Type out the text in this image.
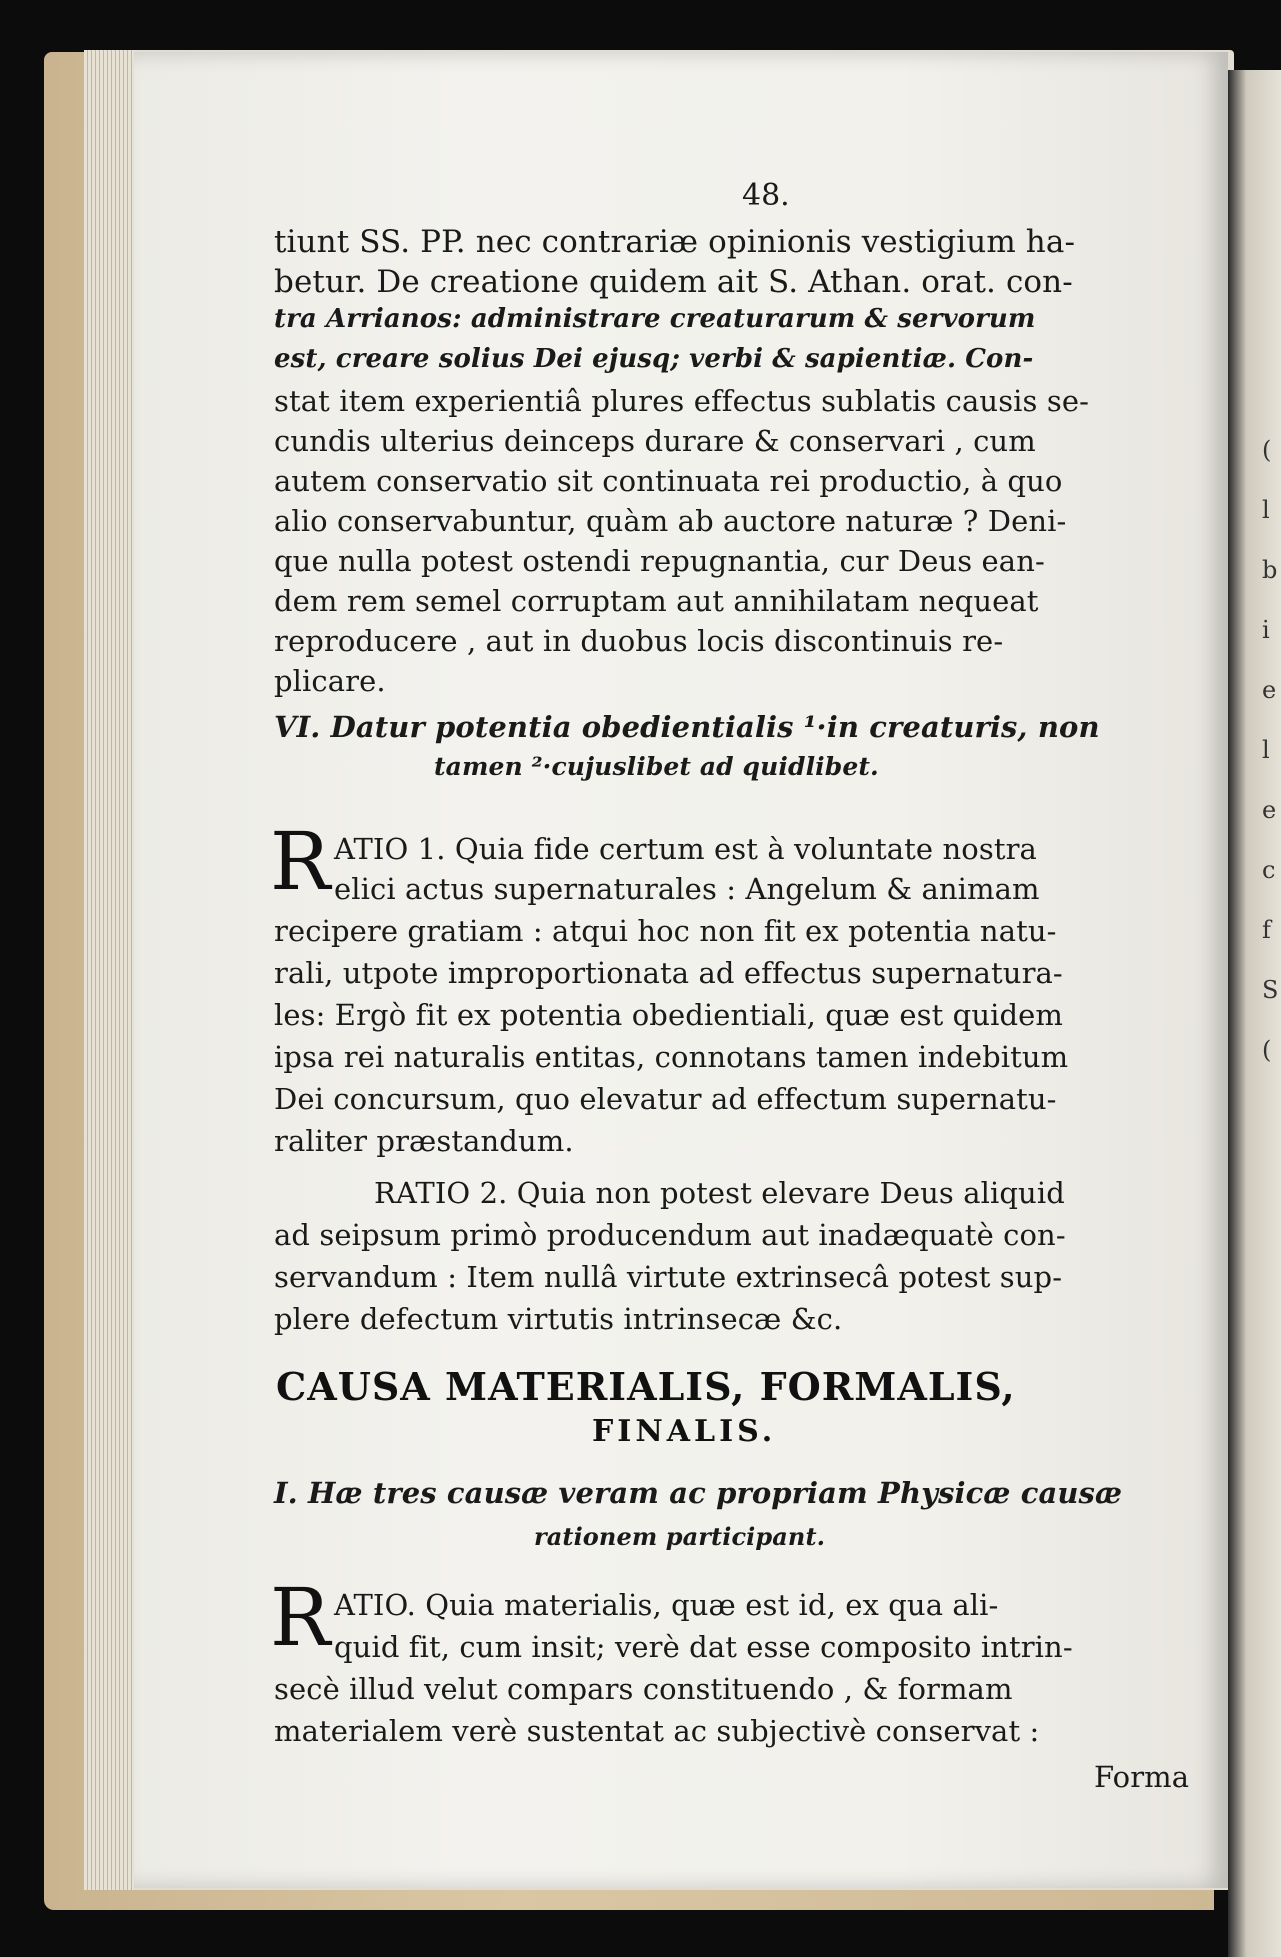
(
l
b
i
e
l
e
c
f
S
(
48.
tiunt SS. PP. nec contrariæ opinionis vestigium ha-
betur. De creatione quidem ait S. Athan. orat. con-
tra Arrianos: administrare creaturarum & servorum
est, creare solius Dei ejusq; verbi & sapientiæ. Con-
stat item experientiâ plures effectus sublatis causis se-
cundis ulterius deinceps durare & conservari , cum
autem conservatio sit continuata rei productio, à quo
alio conservabuntur, quàm ab auctore naturæ ? Deni-
que nulla potest ostendi repugnantia, cur Deus ean-
dem rem semel corruptam aut annihilatam nequeat
reproducere , aut in duobus locis discontinuis re-
plicare.
VI. Datur potentia obedientialis ¹·in creaturis, non
tamen ²·cujuslibet ad quidlibet.
R ATIO 1. Quia fide certum est à voluntate nostra
elici actus supernaturales : Angelum & animam
recipere gratiam : atqui hoc non fit ex potentia natu-
rali, utpote improportionata ad effectus supernatura-
les: Ergò fit ex potentia obedientiali, quæ est quidem
ipsa rei naturalis entitas, connotans tamen indebitum
Dei concursum, quo elevatur ad effectum supernatu-
raliter præstandum.
RATIO 2. Quia non potest elevare Deus aliquid
ad seipsum primò producendum aut inadæquatè con-
servandum : Item nullâ virtute extrinsecâ potest sup-
plere defectum virtutis intrinsecæ &c.
CAUSA MATERIALIS, FORMALIS,
FINALIS.
I. Hæ tres causæ veram ac propriam Physicæ causæ
rationem participant.
R ATIO. Quia materialis, quæ est id, ex qua ali-
quid fit, cum insit; verè dat esse composito intrin-
secè illud velut compars constituendo , & formam
materialem verè sustentat ac subjectivè conservat :
Forma
